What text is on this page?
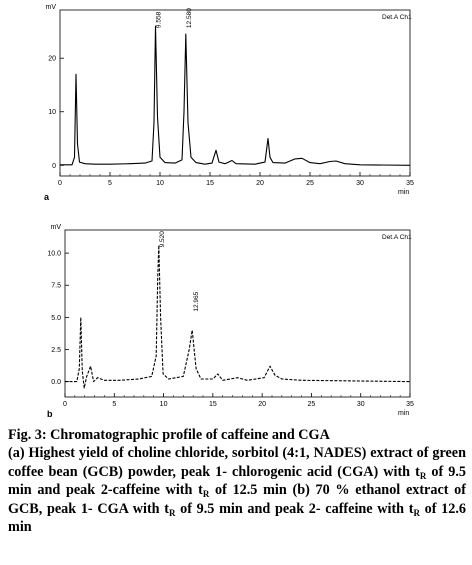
0	5	10	15	20	25	30	35
0
10
20
mV
min
Det.A Ch1
9.558	12.580
a
0	5	10	15	20	25	30	35
0.0
2.5
5.0
7.5
10.0
mV
min
Det.A Ch1
9.520
12.965
b
Fig. 3: Chromatographic profile of caffeine and CGA
(a) Highest yield of choline chloride, sorbitol (4:1, NADES) extract of green coffee bean (GCB) powder, peak 1- chlorogenic acid (CGA) with $t_R$ of 9.5 min and peak 2-caffeine with $t_R$ of 12.5 min (b) 70 % ethanol extract of GCB, peak 1- CGA with $t_R$ of 9.5 min and peak 2- caffeine with $t_R$ of 12.6 min
